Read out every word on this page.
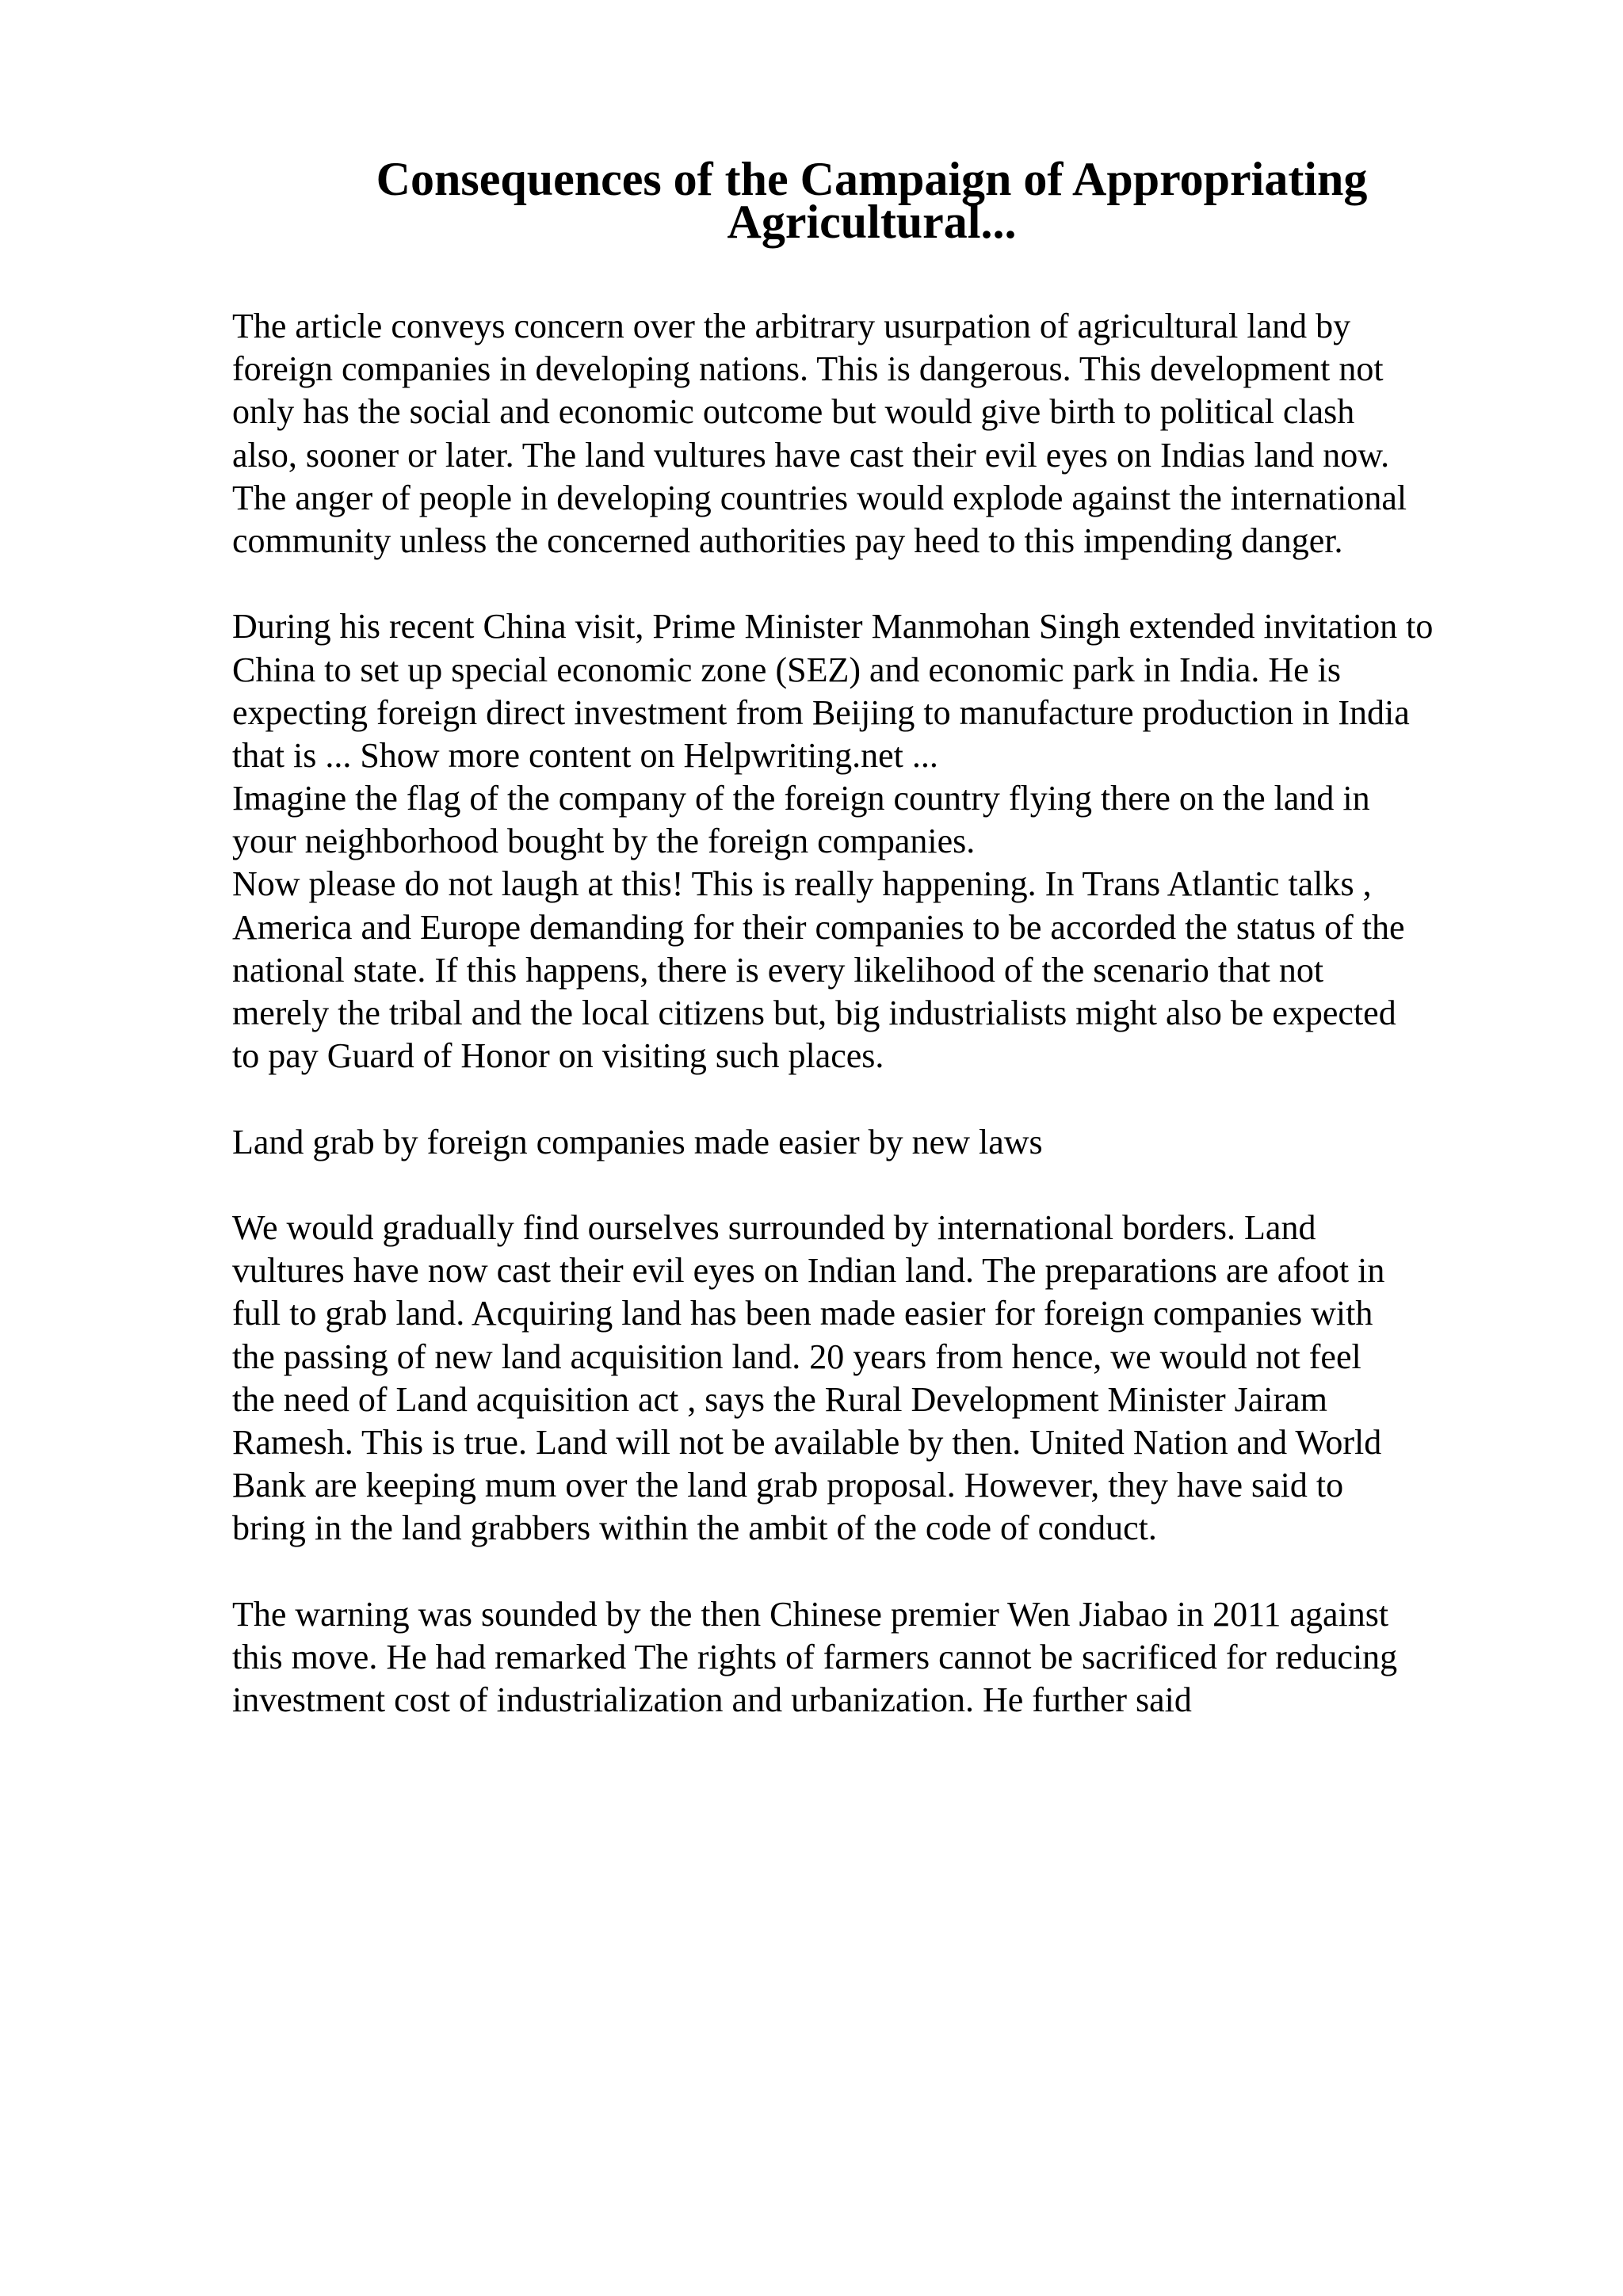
Consequences of the Campaign of Appropriating
Agricultural...
The article conveys concern over the arbitrary usurpation of agricultural land by
foreign companies in developing nations. This is dangerous. This development not
only has the social and economic outcome but would give birth to political clash
also, sooner or later. The land vultures have cast their evil eyes on Indias land now.
The anger of people in developing countries would explode against the international
community unless the concerned authorities pay heed to this impending danger.
During his recent China visit, Prime Minister Manmohan Singh extended invitation to
China to set up special economic zone (SEZ) and economic park in India. He is
expecting foreign direct investment from Beijing to manufacture production in India
that is ... Show more content on Helpwriting.net ...
Imagine the flag of the company of the foreign country flying there on the land in
your neighborhood bought by the foreign companies.
Now please do not laugh at this! This is really happening. In Trans Atlantic talks ,
America and Europe demanding for their companies to be accorded the status of the
national state. If this happens, there is every likelihood of the scenario that not
merely the tribal and the local citizens but, big industrialists might also be expected
to pay Guard of Honor on visiting such places.
Land grab by foreign companies made easier by new laws
We would gradually find ourselves surrounded by international borders. Land
vultures have now cast their evil eyes on Indian land. The preparations are afoot in
full to grab land. Acquiring land has been made easier for foreign companies with
the passing of new land acquisition land. 20 years from hence, we would not feel
the need of Land acquisition act , says the Rural Development Minister Jairam
Ramesh. This is true. Land will not be available by then. United Nation and World
Bank are keeping mum over the land grab proposal. However, they have said to
bring in the land grabbers within the ambit of the code of conduct.
The warning was sounded by the then Chinese premier Wen Jiabao in 2011 against
this move. He had remarked The rights of farmers cannot be sacrificed for reducing
investment cost of industrialization and urbanization. He further said
